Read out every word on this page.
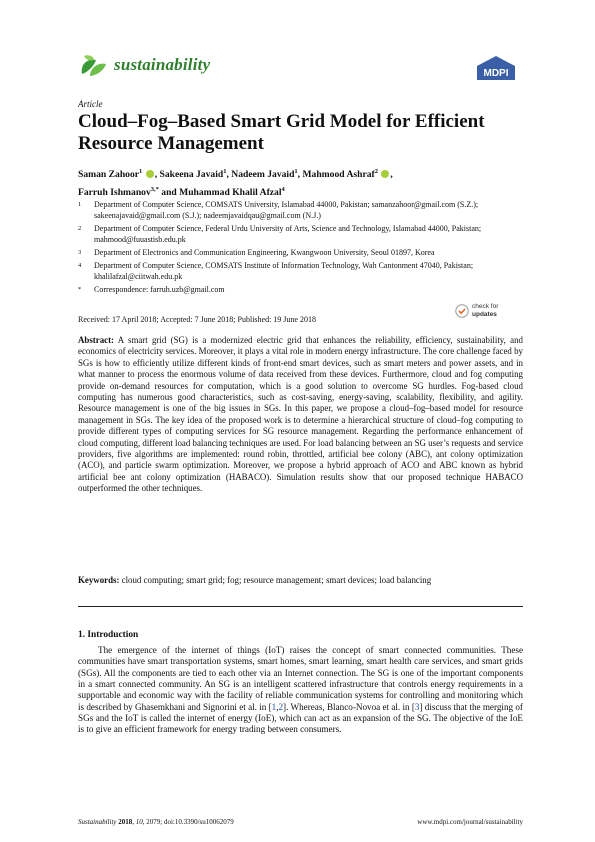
sustainability	MDPI
Article
Cloud–Fog–Based Smart Grid Model for Efficient Resource Management
Saman Zahoor$^1$ , Sakeena Javaid$^1$, Nadeem Javaid$^1$, Mahmood Ashraf$^2$ ,
Farruh Ishmanov$^{3,*}$ and Muhammad Khalil Afzal$^4$
1	Department of Computer Science, COMSATS University, Islamabad 44000, Pakistan; samanzahoor@gmail.com (S.Z.); sakeenajavaid@gmail.com (S.J.); nadeemjavaidqau@gmail.com (N.J.)
2	Department of Computer Science, Federal Urdu University of Arts, Science and Technology, Islamabad 44000, Pakistan; mahmood@fuuastisb.edu.pk
3	Department of Electronics and Communication Engineering, Kwangwoon University, Seoul 01897, Korea
4	Department of Computer Science, COMSATS Institute of Information Technology, Wah Cantonment 47040, Pakistan; khalilafzal@ciitwah.edu.pk
*	Correspondence: farruh.uzb@gmail.com
check for
updates
Received: 17 April 2018; Accepted: 7 June 2018; Published: 19 June 2018

Abstract: A smart grid (SG) is a modernized electric grid that enhances the reliability, efficiency, sustainability, and economics of electricity services. Moreover, it plays a vital role in modern energy infrastructure. The core challenge faced by SGs is how to efficiently utilize different kinds of front-end smart devices, such as smart meters and power assets, and in what manner to process the enormous volume of data received from these devices. Furthermore, cloud and fog computing provide on-demand resources for computation, which is a good solution to overcome SG hurdles. Fog-based cloud computing has numerous good characteristics, such as cost-saving, energy-saving, scalability, flexibility, and agility. Resource management is one of the big issues in SGs. In this paper, we propose a cloud–fog–based model for resource management in SGs. The key idea of the proposed work is to determine a hierarchical structure of cloud–fog computing to provide different types of computing services for SG resource management. Regarding the performance enhancement of cloud computing, different load balancing techniques are used. For load balancing between an SG user’s requests and service providers, five algorithms are implemented: round robin, throttled, artificial bee colony (ABC), ant colony optimization (ACO), and particle swarm optimization. Moreover, we propose a hybrid approach of ACO and ABC known as hybrid artificial bee ant colony optimization (HABACO). Simulation results show that our proposed technique HABACO outperformed the other techniques.

Keywords: cloud computing; smart grid; fog; resource management; smart devices; load balancing

1. Introduction

The emergence of the internet of things (IoT) raises the concept of smart connected communities. These communities have smart transportation systems, smart homes, smart learning, smart health care services, and smart grids (SGs). All the components are tied to each other via an Internet connection. The SG is one of the important components in a smart connected community. An SG is an intelligent scattered infrastructure that controls energy requirements in a supportable and economic way with the facility of reliable communication systems for controlling and monitoring which is described by Ghasemkhani and Signorini et al. in [1,2]. Whereas, Blanco-Novoa et al. in [3] discuss that the merging of SGs and the IoT is called the internet of energy (IoE), which can act as an expansion of the SG. The objective of the IoE is to give an efficient framework for energy trading between consumers.

Sustainability 2018, 10, 2079; doi:10.3390/su10062079	www.mdpi.com/journal/sustainability
